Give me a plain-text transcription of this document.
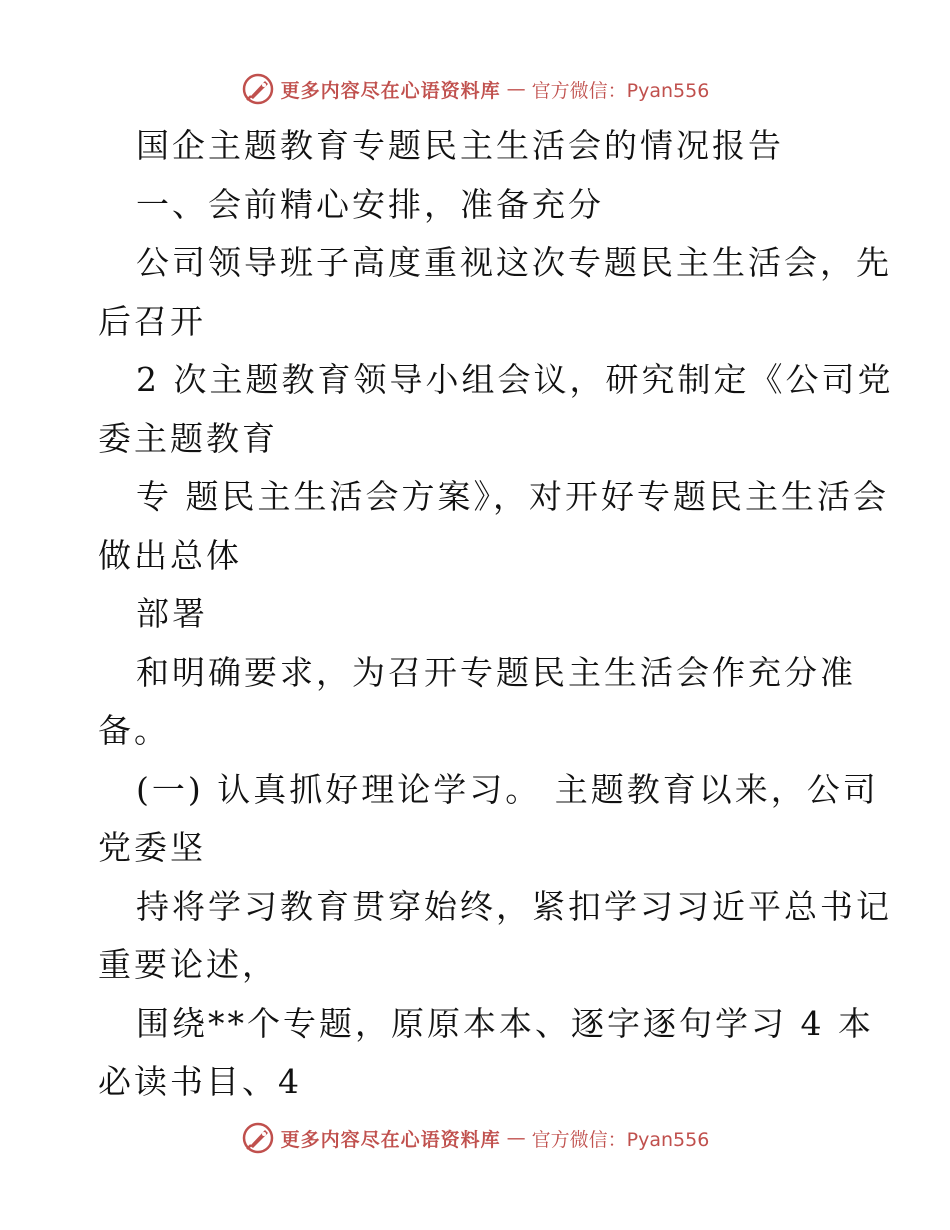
更多内容尽在心语资料库 — 官方微信：Pyan556
国企主题教育专题民主生活会的情况报告
一、会前精心安排，准备充分
公司领导班子高度重视这次专题民主生活会，先
后召开
2 次主题教育领导小组会议，研究制定《公司党
委主题教育
专 题民主生活会方案》，对开好专题民主生活会
做出总体
部署
和明确要求，为召开专题民主生活会作充分准
备。
(一) 认真抓好理论学习。 主题教育以来，公司
党委坚
持将学习教育贯穿始终，紧扣学习习近平总书记
重要论述，
围绕**个专题，原原本本、逐字逐句学习 4 本
必读书目、4
更多内容尽在心语资料库 — 官方微信：Pyan556
